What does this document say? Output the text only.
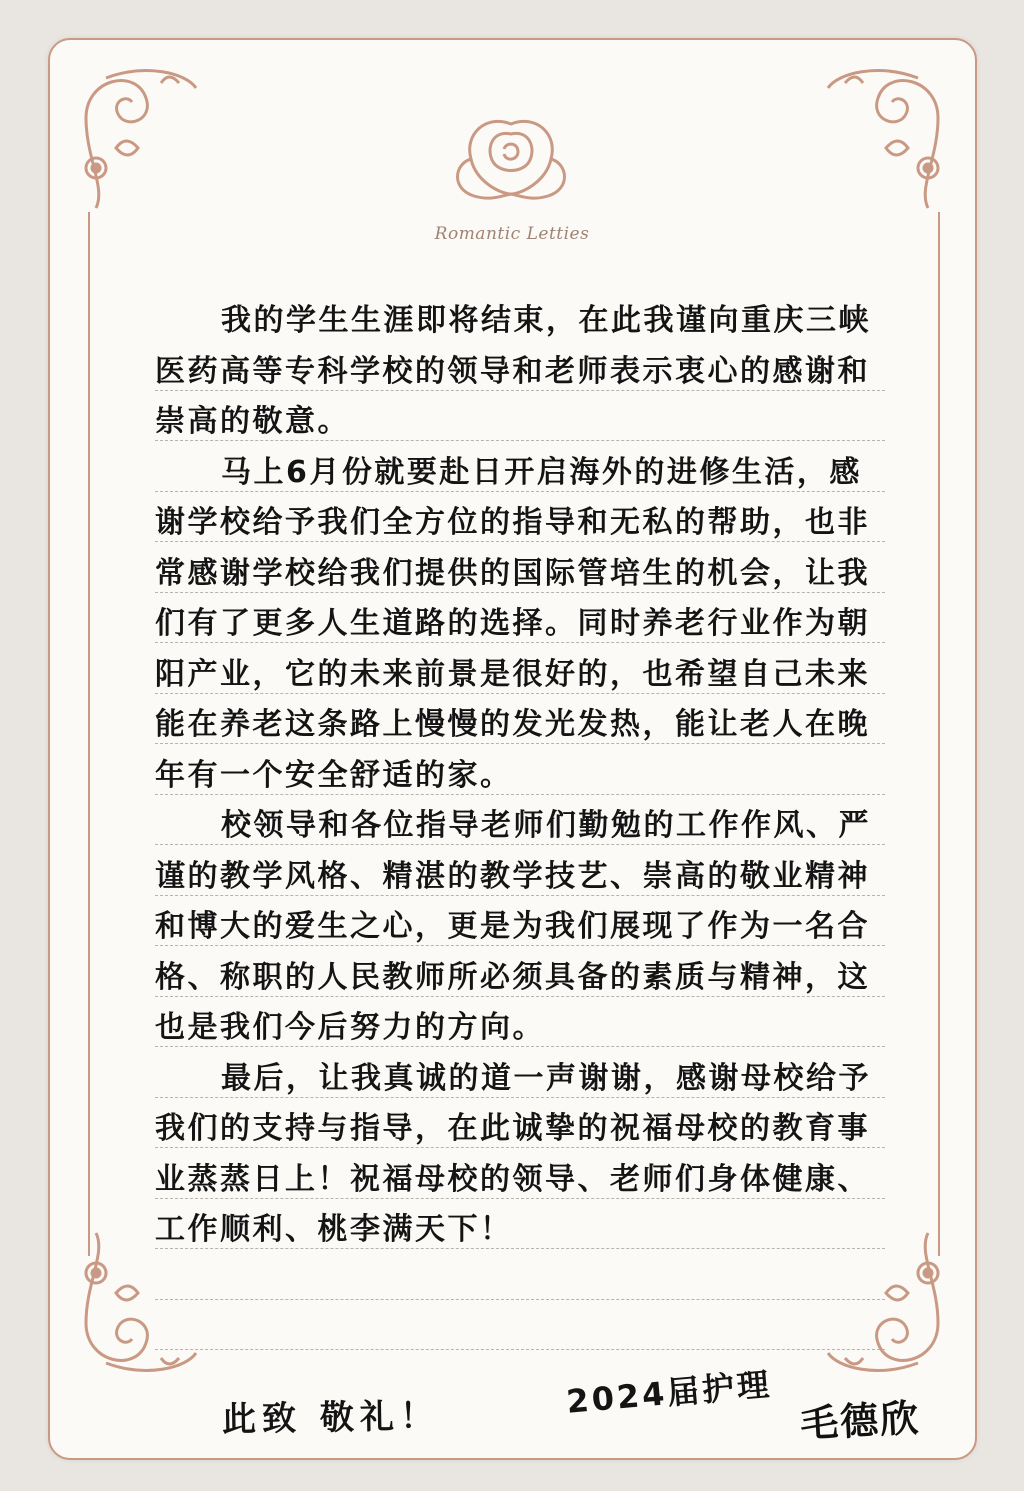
Romantic Letties

我的学生生涯即将结束，在此我谨向重庆三峡医药高等专科学校的领导和老师表示衷心的感谢和崇高的敬意。

马上6月份就要赴日开启海外的进修生活，感谢学校给予我们全方位的指导和无私的帮助，也非常感谢学校给我们提供的国际管培生的机会，让我们有了更多人生道路的选择。同时养老行业作为朝阳产业，它的未来前景是很好的，也希望自己未来能在养老这条路上慢慢的发光发热，能让老人在晚年有一个安全舒适的家。

校领导和各位指导老师们勤勉的工作作风、严谨的教学风格、精湛的教学技艺、崇高的敬业精神和博大的爱生之心，更是为我们展现了作为一名合格、称职的人民教师所必须具备的素质与精神，这也是我们今后努力的方向。

最后，让我真诚的道一声谢谢，感谢母校给予我们的支持与指导，在此诚挚的祝福母校的教育事业蒸蒸日上！祝福母校的领导、老师们身体健康、工作顺利、桃李满天下！

此致 敬礼！	2024届护理
毛德欣
